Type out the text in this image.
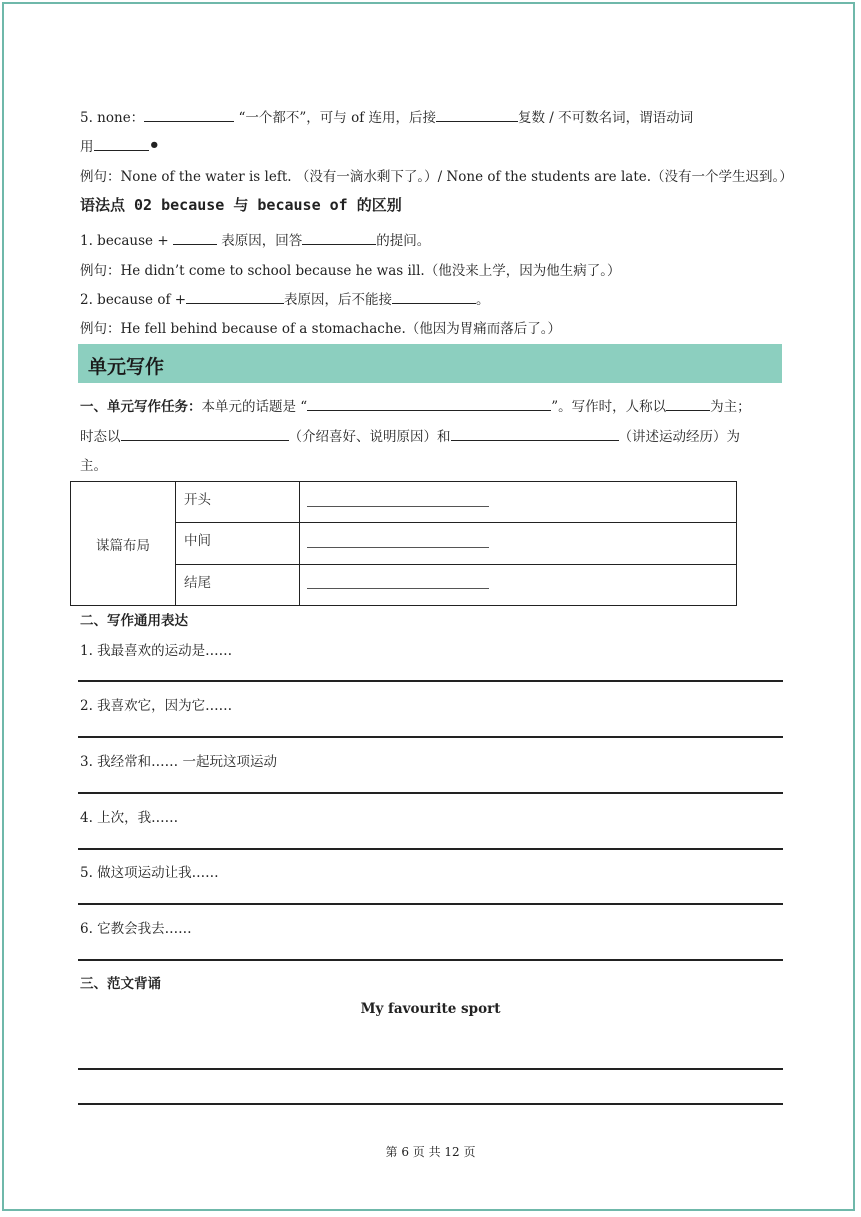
5. none：	“一个都不”，可与 of 连用，后接	复数 / 不可数名词，谓语动词
用	•
例句：None of the water is left. （没有一滴水剩下了。）/ None of the students are late.（没有一个学生迟到。）
语法点 02 because 与 because of 的区别
1. because +	表原因，回答	的提问。
例句：He didn’t come to school because he was ill.（他没来上学，因为他生病了。）
2. because of +	表原因，后不能接	。
例句：He fell behind because of a stomachache.（他因为胃痛而落后了。）
单元写作
一、单元写作任务：本单元的话题是 “	”。写作时，人称以	为主；
时态以	（介绍喜好、说明原因）和	（讲述运动经历）为
主。
谋篇布局	开头	
	中间	
	结尾	
二、写作通用表达
1. 我最喜欢的运动是……
2. 我喜欢它，因为它……
3. 我经常和…… 一起玩这项运动
4. 上次，我……
5. 做这项运动让我……
6. 它教会我去……
三、范文背诵
My favourite sport
第 6 页 共 12 页
